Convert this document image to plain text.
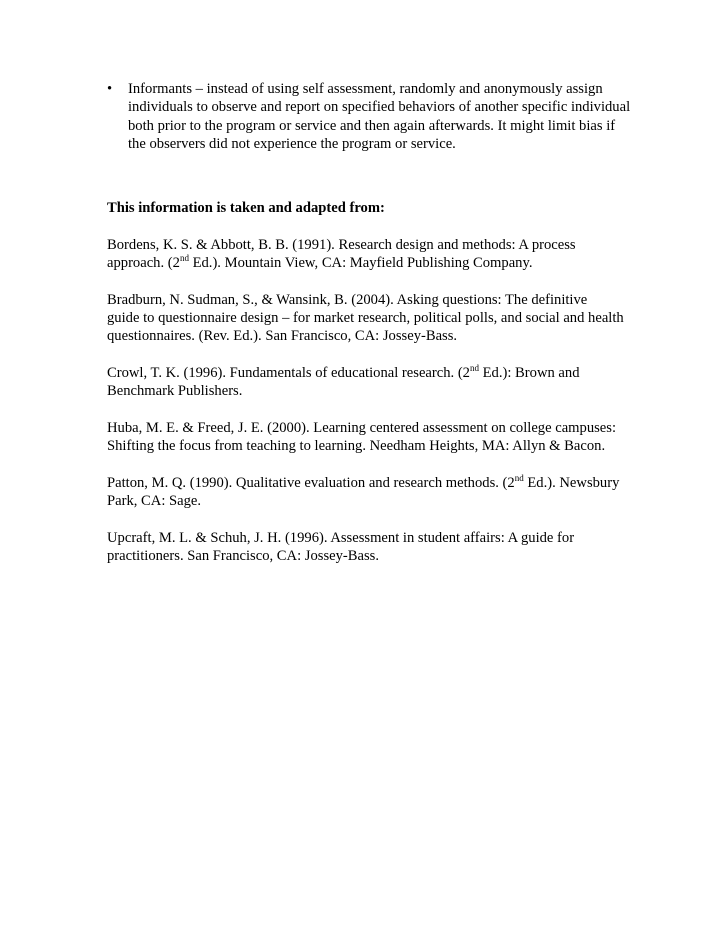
•	Informants – instead of using self assessment, randomly and anonymously assign
individuals to observe and report on specified behaviors of another specific individual
both prior to the program or service and then again afterwards. It might limit bias if
the observers did not experience the program or service.
This information is taken and adapted from:

Bordens, K. S. & Abbott, B. B. (1991). Research design and methods: A process
approach. (2nd Ed.). Mountain View, CA: Mayfield Publishing Company.

Bradburn, N. Sudman, S., & Wansink, B. (2004). Asking questions: The definitive
guide to questionnaire design – for market research, political polls, and social and health
questionnaires. (Rev. Ed.). San Francisco, CA: Jossey-Bass.

Crowl, T. K. (1996). Fundamentals of educational research. (2nd Ed.): Brown and
Benchmark Publishers.

Huba, M. E. & Freed, J. E. (2000). Learning centered assessment on college campuses:
Shifting the focus from teaching to learning. Needham Heights, MA: Allyn & Bacon.

Patton, M. Q. (1990). Qualitative evaluation and research methods. (2nd Ed.). Newsbury
Park, CA: Sage.

Upcraft, M. L. & Schuh, J. H. (1996). Assessment in student affairs: A guide for
practitioners. San Francisco, CA: Jossey-Bass.
